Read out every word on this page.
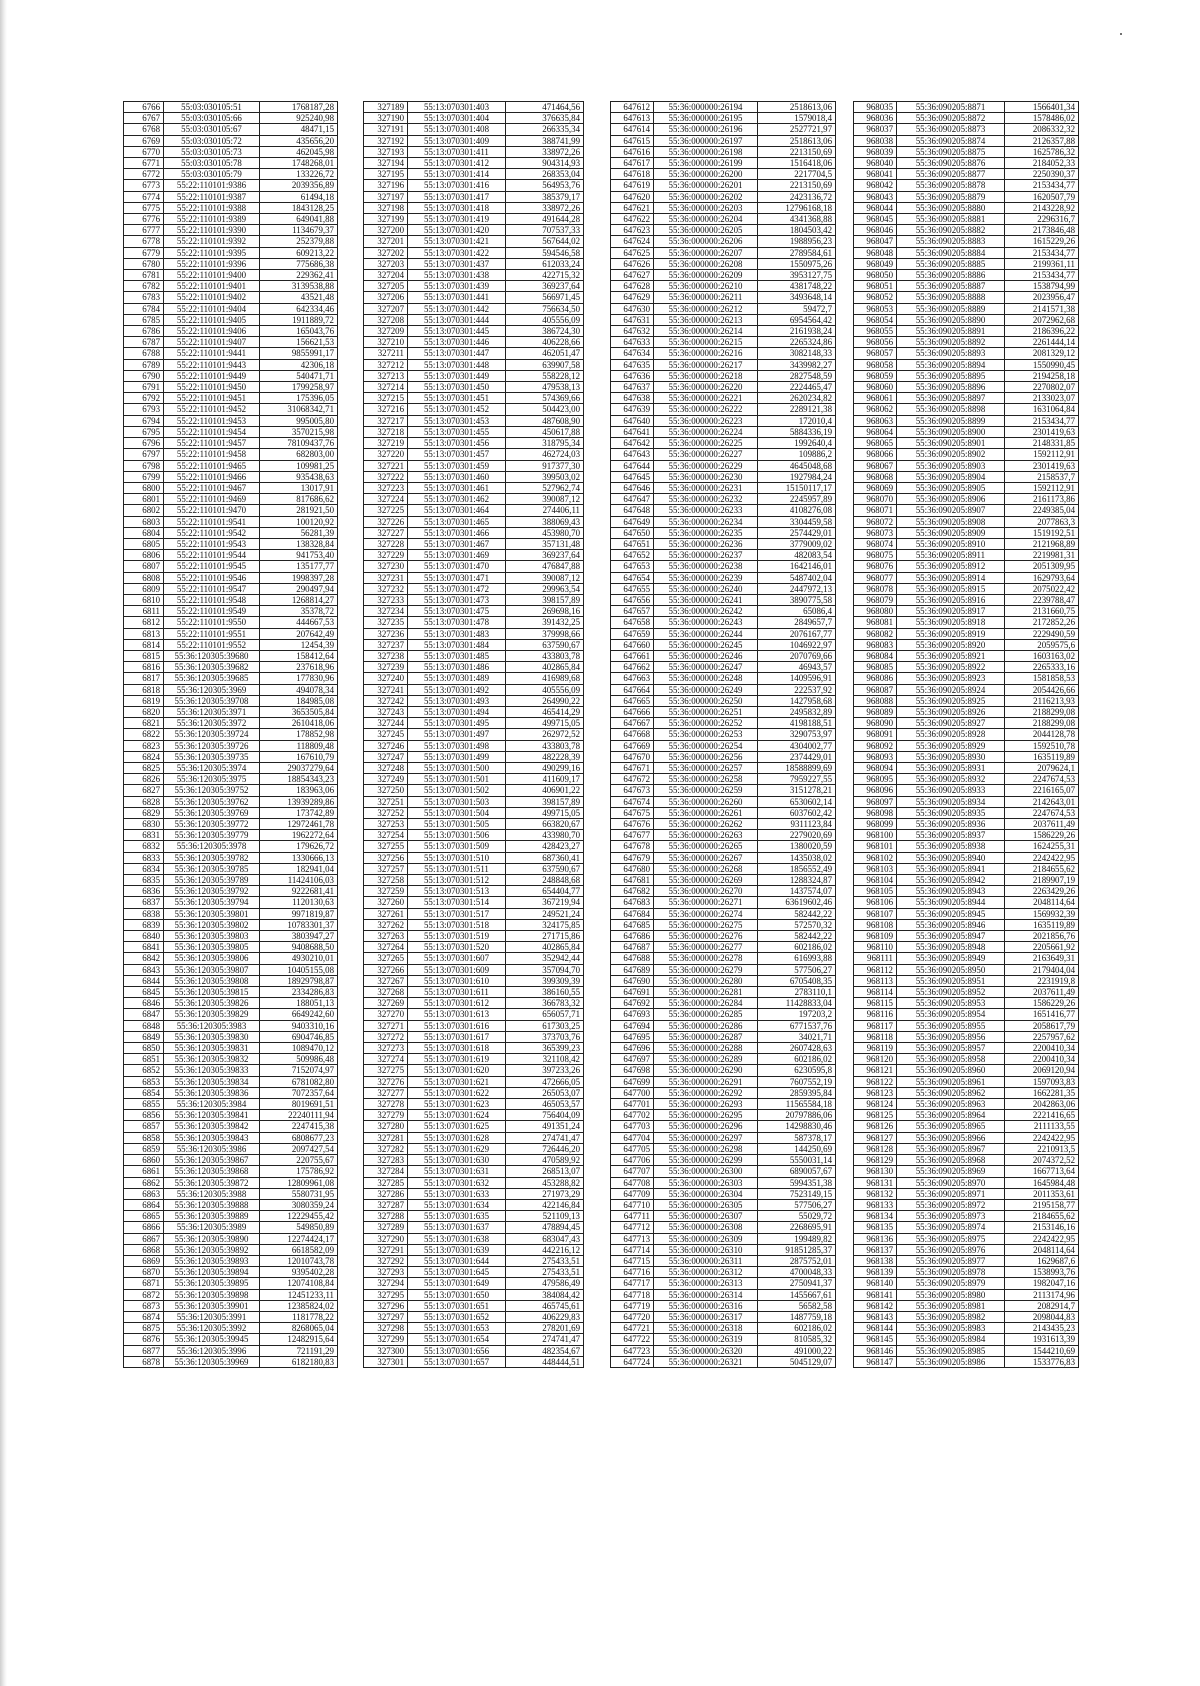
6766	55:03:030105:51	1768187,28
6767	55:03:030105:66	925240,98
6768	55:03:030105:67	48471,15
6769	55:03:030105:72	435656,20
6770	55:03:030105:73	462045,98
6771	55:03:030105:78	1748268,01
6772	55:03:030105:79	133226,72
6773	55:22:110101:9386	2039356,89
6774	55:22:110101:9387	61494,18
6775	55:22:110101:9388	1843128,25
6776	55:22:110101:9389	649041,88
6777	55:22:110101:9390	1134679,37
6778	55:22:110101:9392	252379,88
6779	55:22:110101:9395	609213,22
6780	55:22:110101:9396	775686,38
6781	55:22:110101:9400	229362,41
6782	55:22:110101:9401	3139538,88
6783	55:22:110101:9402	43521,48
6784	55:22:110101:9404	642334,46
6785	55:22:110101:9405	1911889,72
6786	55:22:110101:9406	165043,76
6787	55:22:110101:9407	156621,53
6788	55:22:110101:9441	9855991,17
6789	55:22:110101:9443	42306,18
6790	55:22:110101:9449	540471,71
6791	55:22:110101:9450	1799258,97
6792	55:22:110101:9451	175396,05
6793	55:22:110101:9452	31068342,71
6794	55:22:110101:9453	995005,80
6795	55:22:110101:9454	3570215,98
6796	55:22:110101:9457	78109437,76
6797	55:22:110101:9458	682803,00
6798	55:22:110101:9465	109981,25
6799	55:22:110101:9466	935438,63
6800	55:22:110101:9467	13017,91
6801	55:22:110101:9469	817686,62
6802	55:22:110101:9470	281921,50
6803	55:22:110101:9541	100120,92
6804	55:22:110101:9542	56281,39
6805	55:22:110101:9543	138328,84
6806	55:22:110101:9544	941753,40
6807	55:22:110101:9545	135177,77
6808	55:22:110101:9546	1998397,28
6809	55:22:110101:9547	290497,94
6810	55:22:110101:9548	1268814,27
6811	55:22:110101:9549	35378,72
6812	55:22:110101:9550	444667,53
6813	55:22:110101:9551	207642,49
6814	55:22:110101:9552	12454,39
6815	55:36:120305:39680	158412,64
6816	55:36:120305:39682	237618,96
6817	55:36:120305:39685	177830,96
6818	55:36:120305:3969	494078,34
6819	55:36:120305:39708	184985,08
6820	55:36:120305:3971	3653505,84
6821	55:36:120305:3972	2610418,06
6822	55:36:120305:39724	178852,98
6823	55:36:120305:39726	118809,48
6824	55:36:120305:39735	167610,79
6825	55:36:120305:3974	29037279,64
6826	55:36:120305:3975	18854343,23
6827	55:36:120305:39752	183963,06
6828	55:36:120305:39762	13939289,86
6829	55:36:120305:39769	173742,89
6830	55:36:120305:39772	12972461,78
6831	55:36:120305:39779	1962272,64
6832	55:36:120305:3978	179626,72
6833	55:36:120305:39782	1330666,13
6834	55:36:120305:39785	182941,04
6835	55:36:120305:39789	11424106,03
6836	55:36:120305:39792	9222681,41
6837	55:36:120305:39794	1120130,63
6838	55:36:120305:39801	9971819,87
6839	55:36:120305:39802	10783301,37
6840	55:36:120305:39803	3803947,27
6841	55:36:120305:39805	9408688,50
6842	55:36:120305:39806	4930210,01
6843	55:36:120305:39807	10405155,08
6844	55:36:120305:39808	18929798,87
6845	55:36:120305:39815	2334286,83
6846	55:36:120305:39826	188051,13
6847	55:36:120305:39829	6649242,60
6848	55:36:120305:3983	9403310,16
6849	55:36:120305:39830	6904746,85
6850	55:36:120305:39831	1089470,12
6851	55:36:120305:39832	509986,48
6852	55:36:120305:39833	7152074,97
6853	55:36:120305:39834	6781082,80
6854	55:36:120305:39836	7072357,64
6855	55:36:120305:3984	8019691,51
6856	55:36:120305:39841	22240111,94
6857	55:36:120305:39842	2247415,38
6858	55:36:120305:39843	6808677,23
6859	55:36:120305:3986	2097427,54
6860	55:36:120305:39867	220755,67
6861	55:36:120305:39868	175786,92
6862	55:36:120305:39872	12809961,08
6863	55:36:120305:3988	5580731,95
6864	55:36:120305:39888	3080359,24
6865	55:36:120305:39889	12229455,42
6866	55:36:120305:3989	549850,89
6867	55:36:120305:39890	12274424,17
6868	55:36:120305:39892	6618582,09
6869	55:36:120305:39893	12010743,78
6870	55:36:120305:39894	9395402,28
6871	55:36:120305:39895	12074108,84
6872	55:36:120305:39898	12451233,11
6873	55:36:120305:39901	12385824,02
6874	55:36:120305:3991	1181778,22
6875	55:36:120305:3992	8268065,04
6876	55:36:120305:39945	12482915,64
6877	55:36:120305:3996	721191,29
6878	55:36:120305:39969	6182180,83
327189	55:13:070301:403	471464,56
327190	55:13:070301:404	376635,84
327191	55:13:070301:408	266335,34
327192	55:13:070301:409	388741,99
327193	55:13:070301:411	338972,26
327194	55:13:070301:412	904314,93
327195	55:13:070301:414	268353,04
327196	55:13:070301:416	564953,76
327197	55:13:070301:417	385379,17
327198	55:13:070301:418	338972,26
327199	55:13:070301:419	491644,28
327200	55:13:070301:420	707537,33
327201	55:13:070301:421	567644,02
327202	55:13:070301:422	594546,58
327203	55:13:070301:437	612033,24
327204	55:13:070301:438	422715,32
327205	55:13:070301:439	369237,64
327206	55:13:070301:441	566971,45
327207	55:13:070301:442	756634,50
327208	55:13:070301:444	405556,09
327209	55:13:070301:445	386724,30
327210	55:13:070301:446	406228,66
327211	55:13:070301:447	462051,47
327212	55:13:070301:448	639907,58
327213	55:13:070301:449	558228,12
327214	55:13:070301:450	479538,13
327215	55:13:070301:451	574369,66
327216	55:13:070301:452	504423,00
327217	55:13:070301:453	487608,90
327218	55:13:070301:455	450617,88
327219	55:13:070301:456	318795,34
327220	55:13:070301:457	462724,03
327221	55:13:070301:459	917377,30
327222	55:13:070301:460	399503,02
327223	55:13:070301:461	527962,74
327224	55:13:070301:462	390087,12
327225	55:13:070301:464	274406,11
327226	55:13:070301:465	388069,43
327227	55:13:070301:466	453980,70
327228	55:13:070301:467	357131,48
327229	55:13:070301:469	369237,64
327230	55:13:070301:470	476847,88
327231	55:13:070301:471	390087,12
327232	55:13:070301:472	299963,54
327233	55:13:070301:473	398157,89
327234	55:13:070301:475	269698,16
327235	55:13:070301:478	391432,25
327236	55:13:070301:483	379998,66
327237	55:13:070301:484	637590,67
327238	55:13:070301:485	433803,78
327239	55:13:070301:486	402865,84
327240	55:13:070301:489	416989,68
327241	55:13:070301:492	405556,09
327242	55:13:070301:493	264990,22
327243	55:13:070301:494	465414,29
327244	55:13:070301:495	499715,05
327245	55:13:070301:497	262972,52
327246	55:13:070301:498	433803,78
327247	55:13:070301:499	482228,39
327248	55:13:070301:500	490299,16
327249	55:13:070301:501	411609,17
327250	55:13:070301:502	406901,22
327251	55:13:070301:503	398157,89
327252	55:13:070301:504	499715,05
327253	55:13:070301:505	663820,67
327254	55:13:070301:506	433980,70
327255	55:13:070301:509	428423,27
327256	55:13:070301:510	687360,41
327257	55:13:070301:511	637590,67
327258	55:13:070301:512	248848,68
327259	55:13:070301:513	654404,77
327260	55:13:070301:514	367219,94
327261	55:13:070301:517	249521,24
327262	55:13:070301:518	324175,85
327263	55:13:070301:519	271715,86
327264	55:13:070301:520	402865,84
327265	55:13:070301:607	352942,44
327266	55:13:070301:609	357094,70
327267	55:13:070301:610	399309,39
327268	55:13:070301:611	386160,55
327269	55:13:070301:612	366783,32
327270	55:13:070301:613	656057,71
327271	55:13:070301:616	617303,25
327272	55:13:070301:617	373703,76
327273	55:13:070301:618	365399,23
327274	55:13:070301:619	321108,42
327275	55:13:070301:620	397233,26
327276	55:13:070301:621	472666,05
327277	55:13:070301:622	265053,07
327278	55:13:070301:623	465053,57
327279	55:13:070301:624	756404,09
327280	55:13:070301:625	491351,24
327281	55:13:070301:628	274741,47
327282	55:13:070301:629	726446,20
327283	55:13:070301:630	470589,92
327284	55:13:070301:631	268513,07
327285	55:13:070301:632	453288,82
327286	55:13:070301:633	271973,29
327287	55:13:070301:634	422146,84
327288	55:13:070301:635	521109,13
327289	55:13:070301:637	478894,45
327290	55:13:070301:638	683047,43
327291	55:13:070301:639	442216,12
327292	55:13:070301:644	275433,51
327293	55:13:070301:645	275433,51
327294	55:13:070301:649	479586,49
327295	55:13:070301:650	384084,42
327296	55:13:070301:651	465745,61
327297	55:13:070301:652	406229,83
327298	55:13:070301:653	278201,69
327299	55:13:070301:654	274741,47
327300	55:13:070301:656	482354,67
327301	55:13:070301:657	448444,51
647612	55:36:000000:26194	2518613,06
647613	55:36:000000:26195	1579018,4
647614	55:36:000000:26196	2527721,97
647615	55:36:000000:26197	2518613,06
647616	55:36:000000:26198	2213150,69
647617	55:36:000000:26199	1516418,06
647618	55:36:000000:26200	2217704,5
647619	55:36:000000:26201	2213150,69
647620	55:36:000000:26202	2423136,72
647621	55:36:000000:26203	12796168,18
647622	55:36:000000:26204	4341368,88
647623	55:36:000000:26205	1804503,42
647624	55:36:000000:26206	1988956,23
647625	55:36:000000:26207	2789584,61
647626	55:36:000000:26208	1550975,26
647627	55:36:000000:26209	3953127,75
647628	55:36:000000:26210	4381748,22
647629	55:36:000000:26211	3493648,14
647630	55:36:000000:26212	59472,7
647631	55:36:000000:26213	6954564,42
647632	55:36:000000:26214	2161938,24
647633	55:36:000000:26215	2265324,86
647634	55:36:000000:26216	3082148,33
647635	55:36:000000:26217	3439982,27
647636	55:36:000000:26218	2827548,59
647637	55:36:000000:26220	2224465,47
647638	55:36:000000:26221	2620234,82
647639	55:36:000000:26222	2289121,38
647640	55:36:000000:26223	172010,4
647641	55:36:000000:26224	5884336,19
647642	55:36:000000:26225	1992640,4
647643	55:36:000000:26227	109886,2
647644	55:36:000000:26229	4645048,68
647645	55:36:000000:26230	1927984,24
647646	55:36:000000:26231	15150117,17
647647	55:36:000000:26232	2245957,89
647648	55:36:000000:26233	4108276,08
647649	55:36:000000:26234	3304459,58
647650	55:36:000000:26235	2574429,01
647651	55:36:000000:26236	3779009,02
647652	55:36:000000:26237	482083,54
647653	55:36:000000:26238	1642146,01
647654	55:36:000000:26239	5487402,04
647655	55:36:000000:26240	2447972,13
647656	55:36:000000:26241	3890775,58
647657	55:36:000000:26242	65086,4
647658	55:36:000000:26243	2849657,7
647659	55:36:000000:26244	2076167,77
647660	55:36:000000:26245	1046922,97
647661	55:36:000000:26246	2070769,66
647662	55:36:000000:26247	46943,57
647663	55:36:000000:26248	1409596,91
647664	55:36:000000:26249	222537,92
647665	55:36:000000:26250	1427958,68
647666	55:36:000000:26251	2495832,89
647667	55:36:000000:26252	4198188,51
647668	55:36:000000:26253	3290753,97
647669	55:36:000000:26254	4304002,77
647670	55:36:000000:26256	2374429,01
647671	55:36:000000:26257	18588899,69
647672	55:36:000000:26258	7959227,55
647673	55:36:000000:26259	3151278,21
647674	55:36:000000:26260	6530602,14
647675	55:36:000000:26261	6037602,42
647676	55:36:000000:26262	9311123,84
647677	55:36:000000:26263	2279020,69
647678	55:36:000000:26265	1380020,59
647679	55:36:000000:26267	1435038,02
647680	55:36:000000:26268	1856552,49
647681	55:36:000000:26269	1288324,87
647682	55:36:000000:26270	1437574,07
647683	55:36:000000:26271	63619602,46
647684	55:36:000000:26274	582442,22
647685	55:36:000000:26275	572570,32
647686	55:36:000000:26276	582442,22
647687	55:36:000000:26277	602186,02
647688	55:36:000000:26278	616993,88
647689	55:36:000000:26279	577506,27
647690	55:36:000000:26280	6705408,35
647691	55:36:000000:26281	2783110,1
647692	55:36:000000:26284	11428833,04
647693	55:36:000000:26285	197203,2
647694	55:36:000000:26286	6771537,76
647695	55:36:000000:26287	34021,71
647696	55:36:000000:26288	2607428,63
647697	55:36:000000:26289	602186,02
647698	55:36:000000:26290	6230595,8
647699	55:36:000000:26291	7607552,19
647700	55:36:000000:26292	2859395,84
647701	55:36:000000:26293	11565584,18
647702	55:36:000000:26295	20797886,06
647703	55:36:000000:26296	14298830,46
647704	55:36:000000:26297	587378,17
647705	55:36:000000:26298	144250,69
647706	55:36:000000:26299	5550031,14
647707	55:36:000000:26300	6890057,67
647708	55:36:000000:26303	5994351,38
647709	55:36:000000:26304	7523149,15
647710	55:36:000000:26305	577506,27
647711	55:36:000000:26307	55029,72
647712	55:36:000000:26308	2268695,91
647713	55:36:000000:26309	199489,82
647714	55:36:000000:26310	91851285,37
647715	55:36:000000:26311	2875752,01
647716	55:36:000000:26312	4700048,33
647717	55:36:000000:26313	2750941,37
647718	55:36:000000:26314	1455667,61
647719	55:36:000000:26316	56582,58
647720	55:36:000000:26317	1487759,18
647721	55:36:000000:26318	602186,02
647722	55:36:000000:26319	810585,32
647723	55:36:000000:26320	491000,22
647724	55:36:000000:26321	5045129,07
968035	55:36:090205:8871	1566401,34
968036	55:36:090205:8872	1578486,02
968037	55:36:090205:8873	2086332,32
968038	55:36:090205:8874	2126357,88
968039	55:36:090205:8875	1625786,32
968040	55:36:090205:8876	2184052,33
968041	55:36:090205:8877	2250390,37
968042	55:36:090205:8878	2153434,77
968043	55:36:090205:8879	1620507,79
968044	55:36:090205:8880	2143228,92
968045	55:36:090205:8881	2296316,7
968046	55:36:090205:8882	2173846,48
968047	55:36:090205:8883	1615229,26
968048	55:36:090205:8884	2153434,77
968049	55:36:090205:8885	2199361,11
968050	55:36:090205:8886	2153434,77
968051	55:36:090205:8887	1538794,99
968052	55:36:090205:8888	2023956,47
968053	55:36:090205:8889	2141571,38
968054	55:36:090205:8890	2072962,68
968055	55:36:090205:8891	2186396,22
968056	55:36:090205:8892	2261444,14
968057	55:36:090205:8893	2081329,12
968058	55:36:090205:8894	1550990,45
968059	55:36:090205:8895	2194258,18
968060	55:36:090205:8896	2270802,07
968061	55:36:090205:8897	2133023,07
968062	55:36:090205:8898	1631064,84
968063	55:36:090205:8899	2153434,77
968064	55:36:090205:8900	2301419,63
968065	55:36:090205:8901	2148331,85
968066	55:36:090205:8902	1592112,91
968067	55:36:090205:8903	2301419,63
968068	55:36:090205:8904	2158537,7
968069	55:36:090205:8905	1592112,91
968070	55:36:090205:8906	2161173,86
968071	55:36:090205:8907	2249385,04
968072	55:36:090205:8908	2077863,3
968073	55:36:090205:8909	1519192,51
968074	55:36:090205:8910	2121968,89
968075	55:36:090205:8911	2219981,31
968076	55:36:090205:8912	2051309,95
968077	55:36:090205:8914	1629793,64
968078	55:36:090205:8915	2075022,42
968079	55:36:090205:8916	2239788,47
968080	55:36:090205:8917	2131660,75
968081	55:36:090205:8918	2172852,26
968082	55:36:090205:8919	2229490,59
968083	55:36:090205:8920	2059575,6
968084	55:36:090205:8921	1603163,02
968085	55:36:090205:8922	2265333,16
968086	55:36:090205:8923	1581858,53
968087	55:36:090205:8924	2054426,66
968088	55:36:090205:8925	2116213,93
968089	55:36:090205:8926	2188299,08
968090	55:36:090205:8927	2188299,08
968091	55:36:090205:8928	2044128,78
968092	55:36:090205:8929	1592510,78
968093	55:36:090205:8930	1635119,89
968094	55:36:090205:8931	2079624,1
968095	55:36:090205:8932	2247674,53
968096	55:36:090205:8933	2216165,07
968097	55:36:090205:8934	2142643,01
968098	55:36:090205:8935	2247674,53
968099	55:36:090205:8936	2037611,49
968100	55:36:090205:8937	1586229,26
968101	55:36:090205:8938	1624255,31
968102	55:36:090205:8940	2242422,95
968103	55:36:090205:8941	2184655,62
968104	55:36:090205:8942	2189907,19
968105	55:36:090205:8943	2263429,26
968106	55:36:090205:8944	2048114,64
968107	55:36:090205:8945	1569932,39
968108	55:36:090205:8946	1635119,89
968109	55:36:090205:8947	2021856,76
968110	55:36:090205:8948	2205661,92
968111	55:36:090205:8949	2163649,31
968112	55:36:090205:8950	2179404,04
968113	55:36:090205:8951	2231919,8
968114	55:36:090205:8952	2037611,49
968115	55:36:090205:8953	1586229,26
968116	55:36:090205:8954	1651416,77
968117	55:36:090205:8955	2058617,79
968118	55:36:090205:8956	2257957,62
968119	55:36:090205:8957	2200410,34
968120	55:36:090205:8958	2200410,34
968121	55:36:090205:8960	2069120,94
968122	55:36:090205:8961	1597093,83
968123	55:36:090205:8962	1662281,35
968124	55:36:090205:8963	2042863,06
968125	55:36:090205:8964	2221416,65
968126	55:36:090205:8965	2111133,55
968127	55:36:090205:8966	2242422,95
968128	55:36:090205:8967	2210913,5
968129	55:36:090205:8968	2074372,52
968130	55:36:090205:8969	1667713,64
968131	55:36:090205:8970	1645984,48
968132	55:36:090205:8971	2011353,61
968133	55:36:090205:8972	2195158,77
968134	55:36:090205:8973	2184655,62
968135	55:36:090205:8974	2153146,16
968136	55:36:090205:8975	2242422,95
968137	55:36:090205:8976	2048114,64
968138	55:36:090205:8977	1629687,6
968139	55:36:090205:8978	1538993,76
968140	55:36:090205:8979	1982047,16
968141	55:36:090205:8980	2113174,96
968142	55:36:090205:8981	2082914,7
968143	55:36:090205:8982	2098044,83
968144	55:36:090205:8983	2143435,23
968145	55:36:090205:8984	1931613,39
968146	55:36:090205:8985	1544210,69
968147	55:36:090205:8986	1533776,83
